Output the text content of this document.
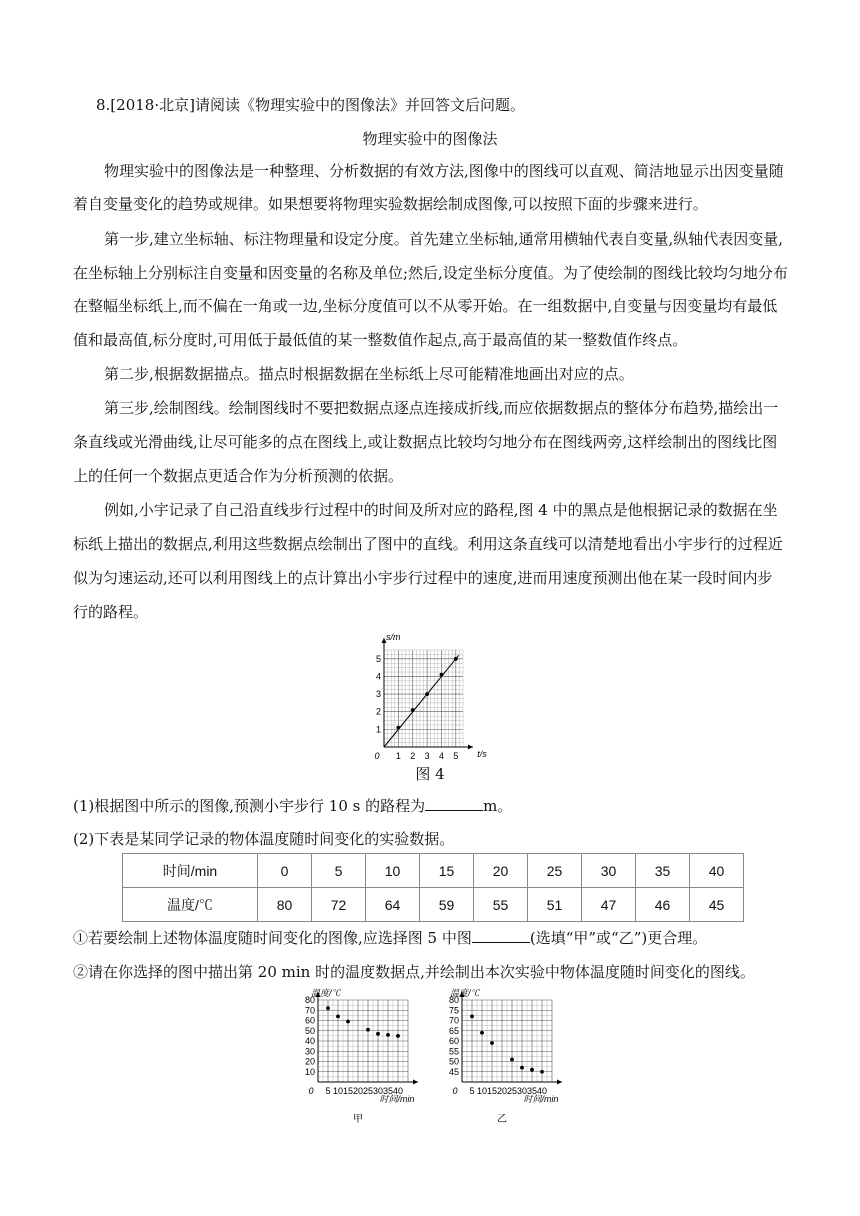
8.[2018·北京]请阅读《物理实验中的图像法》并回答文后问题。
物理实验中的图像法
物理实验中的图像法是一种整理、分析数据的有效方法,图像中的图线可以直观、简洁地显示出因变量随
着自变量变化的趋势或规律。如果想要将物理实验数据绘制成图像,可以按照下面的步骤来进行。
第一步,建立坐标轴、标注物理量和设定分度。首先建立坐标轴,通常用横轴代表自变量,纵轴代表因变量,
在坐标轴上分别标注自变量和因变量的名称及单位;然后,设定坐标分度值。为了使绘制的图线比较均匀地分布
在整幅坐标纸上,而不偏在一角或一边,坐标分度值可以不从零开始。在一组数据中,自变量与因变量均有最低
值和最高值,标分度时,可用低于最低值的某一整数值作起点,高于最高值的某一整数值作终点。
第二步,根据数据描点。描点时根据数据在坐标纸上尽可能精准地画出对应的点。
第三步,绘制图线。绘制图线时不要把数据点逐点连接成折线,而应依据数据点的整体分布趋势,描绘出一
条直线或光滑曲线,让尽可能多的点在图线上,或让数据点比较均匀地分布在图线两旁,这样绘制出的图线比图
上的任何一个数据点更适合作为分析预测的依据。
例如,小宇记录了自己沿直线步行过程中的时间及所对应的路程,图 4 中的黑点是他根据记录的数据在坐
标纸上描出的数据点,利用这些数据点绘制出了图中的直线。利用这条直线可以清楚地看出小宇步行的过程近
似为匀速运动,还可以利用图线上的点计算出小宇步行过程中的速度,进而用速度预测出他在某一段时间内步
行的路程。
s/m
t/s
0 1 2 3 4 5
1
2
3
4
5
图 4
(1)根据图中所示的图像,预测小宇步行 10 s 的路程为	m。
(2)下表是某同学记录的物体温度随时间变化的实验数据。
时间/min	0	5	10	15	20	25	30	35	40
温度/℃	80	72	64	59	55	51	47	46	45
①若要绘制上述物体温度随时间变化的图像,应选择图 5 中图	(选填“甲”或“乙”)更合理。
②请在你选择的图中描出第 20 min 时的温度数据点,并绘制出本次实验中物体温度随时间变化的图线。
温度/℃
时间/min
0 5 10 15 20 25 30 35 40
10
20
30
40
50
60
70
80
甲
温度/℃
时间/min
0 5 10 15 20 25 30 35 40
45
50
55
60
65
70
75
80
乙
